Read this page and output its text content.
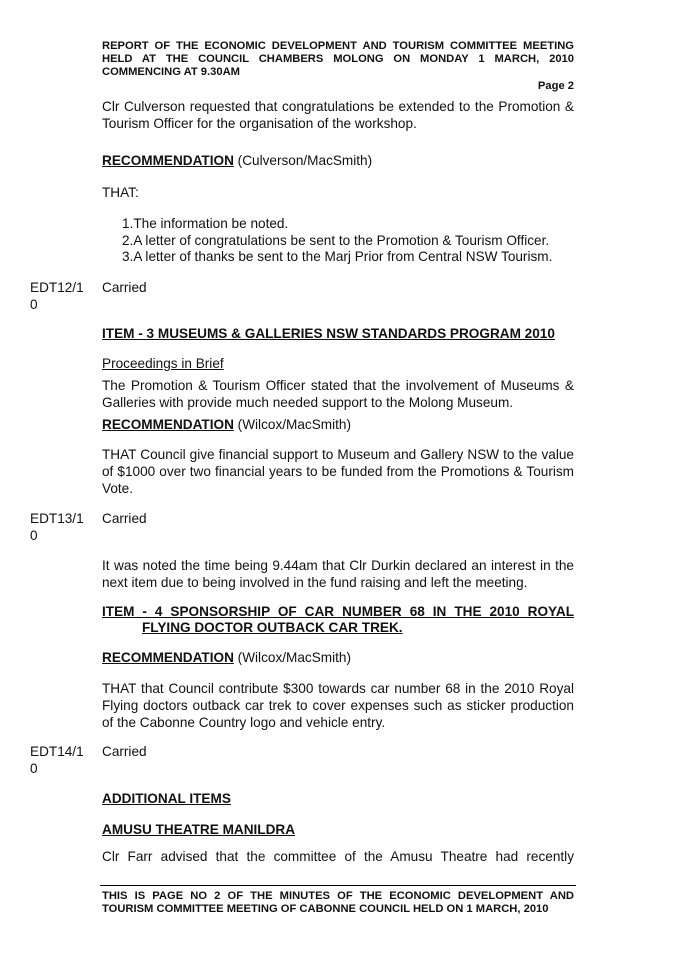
REPORT OF THE ECONOMIC DEVELOPMENT AND TOURISM COMMITTEE MEETING
HELD AT THE COUNCIL CHAMBERS MOLONG ON MONDAY 1 MARCH, 2010
COMMENCING AT 9.30AM
Page 2
Clr Culverson requested that congratulations be extended to the Promotion & Tourism Officer for the organisation of the workshop.
RECOMMENDATION (Culverson/MacSmith)
THAT:
1.The information be noted.
2.A letter of congratulations be sent to the Promotion & Tourism Officer.
3.A letter of thanks be sent to the Marj Prior from Central NSW Tourism.
EDT12/1
0
Carried
ITEM - 3 MUSEUMS & GALLERIES NSW STANDARDS PROGRAM 2010
Proceedings in Brief
The Promotion & Tourism Officer stated that the involvement of Museums & Galleries with provide much needed support to the Molong Museum.
RECOMMENDATION (Wilcox/MacSmith)
THAT Council give financial support to Museum and Gallery NSW to the value of $1000 over two financial years to be funded from the Promotions & Tourism Vote.
EDT13/1
0
Carried
It was noted the time being 9.44am that Clr Durkin declared an interest in the next item due to being involved in the fund raising and left the meeting.
ITEM - 4 SPONSORSHIP OF CAR NUMBER 68 IN THE 2010 ROYAL
FLYING DOCTOR OUTBACK CAR TREK.
RECOMMENDATION (Wilcox/MacSmith)
THAT that Council contribute $300 towards car number 68 in the 2010 Royal Flying doctors outback car trek to cover expenses such as sticker production of the Cabonne Country logo and vehicle entry.
EDT14/1
0
Carried
ADDITIONAL ITEMS
AMUSU THEATRE MANILDRA
Clr Farr advised that the committee of the Amusu Theatre had recently
THIS IS PAGE NO 2 OF THE MINUTES OF THE ECONOMIC DEVELOPMENT AND TOURISM COMMITTEE MEETING OF CABONNE COUNCIL HELD ON 1 MARCH, 2010
